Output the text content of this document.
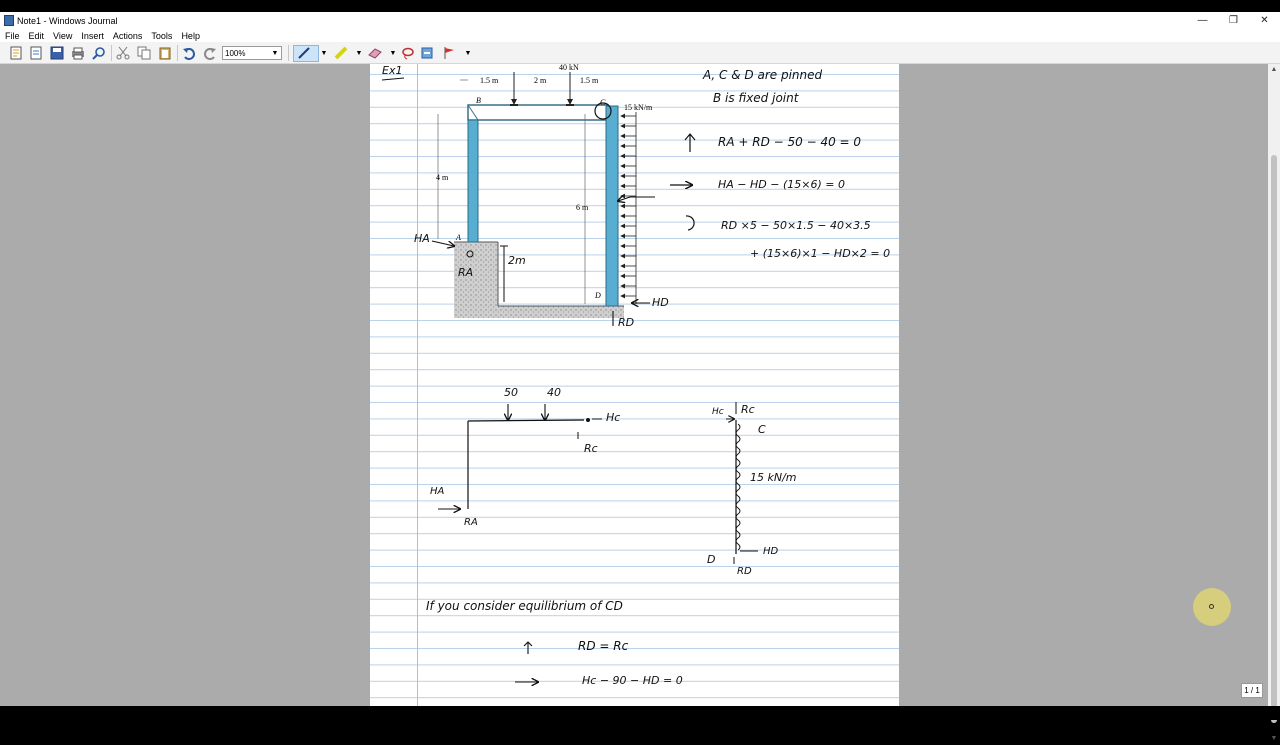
Note1 - Windows Journal	—	❐	✕
File Edit View Insert Actions Tools Help
100%	▼	▼	▼	▼	▼
B
A
D
C
1.5 m	2 m	1.5 m
40 kN
15 kN/m
4 m
6 m
Ex1	A, C & D are pinned
B is fixed joint
RA + RD − 50 − 40 = 0
HA − HD − (15×6) = 0
RD ×5 − 50×1.5 − 40×3.5
+ (15×6)×1 − HD×2 = 0
HA
RA
2m
HD
RD
50	40
Hc
Rc
HA
RA
Hc Rc
C
15 kN/m
D
HD
RD
If you consider equilibrium of CD
RD = Rc
Hc − 90 − HD = 0
▲
▼
1 / 1
